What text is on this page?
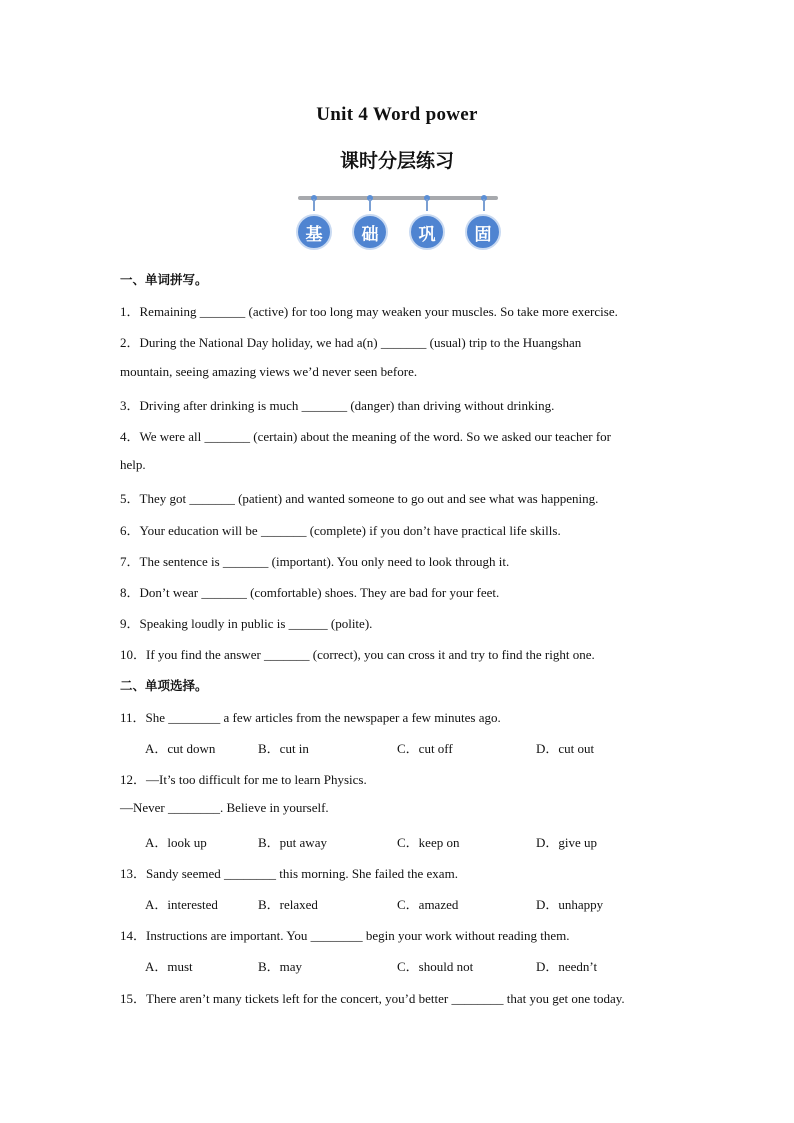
Unit 4 Word power
课时分层练习
基	础	巩	固
一、单词拼写。
1．Remaining _______ (active) for too long may weaken your muscles. So take more exercise.
2．During the National Day holiday, we had a(n) _______ (usual) trip to the Huangshan
mountain, seeing amazing views we’d never seen before.
3．Driving after drinking is much _______ (danger) than driving without drinking.
4．We were all _______ (certain) about the meaning of the word. So we asked our teacher for
help.
5．They got _______ (patient) and wanted someone to go out and see what was happening.
6．Your education will be _______ (complete) if you don’t have practical life skills.
7．The sentence is _______ (important). You only need to look through it.
8．Don’t wear _______ (comfortable) shoes. They are bad for your feet.
9．Speaking loudly in public is ______ (polite).
10．If you find the answer _______ (correct), you can cross it and try to find the right one.
二、单项选择。
11．She ________ a few articles from the newspaper a few minutes ago.
A．cut down	B．cut in	C．cut off	D．cut out
12．—It’s too difficult for me to learn Physics.
—Never ________. Believe in yourself.
A．look up	B．put away	C．keep on	D．give up
13．Sandy seemed ________ this morning. She failed the exam.
A．interested	B．relaxed	C．amazed	D．unhappy
14．Instructions are important. You ________ begin your work without reading them.
A．must	B．may	C．should not	D．needn’t
15．There aren’t many tickets left for the concert, you’d better ________ that you get one today.
